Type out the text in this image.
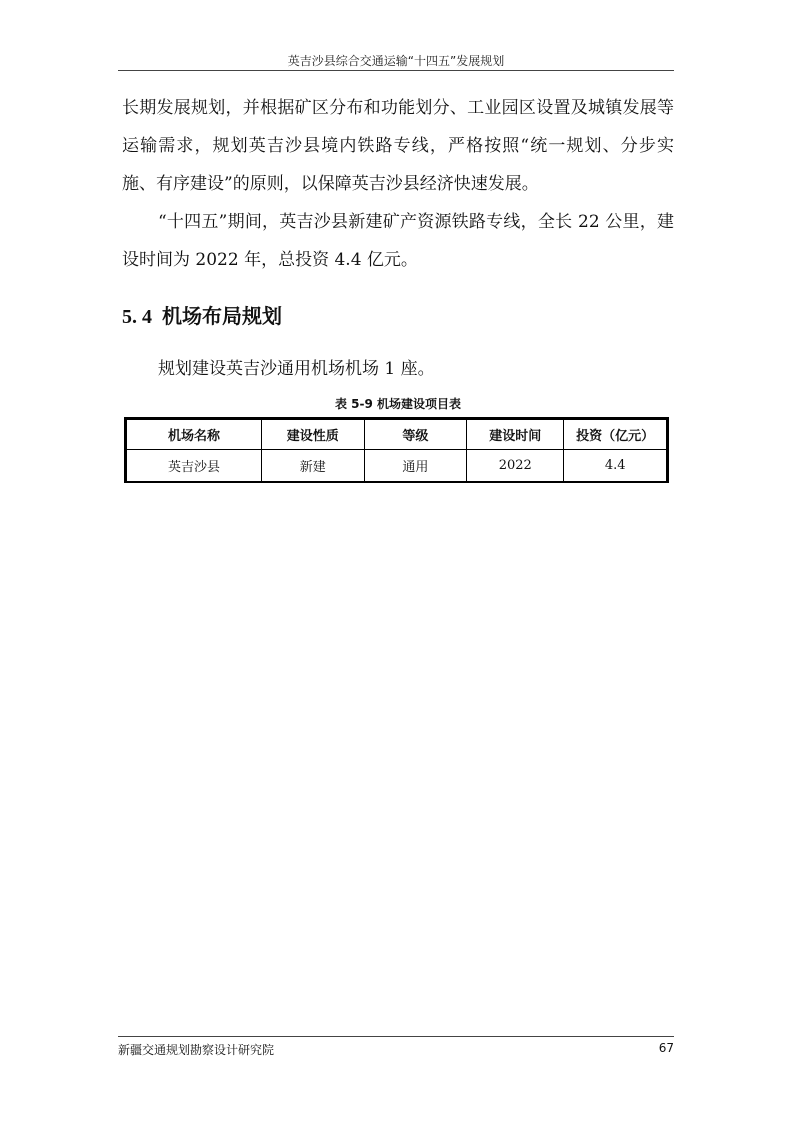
英吉沙县综合交通运输“十四五”发展规划

长期发展规划，并根据矿区分布和功能划分、工业园区设置及城镇发展等运输需求，规划英吉沙县境内铁路专线，严格按照“统一规划、分步实施、有序建设”的原则，以保障英吉沙县经济快速发展。

“十四五”期间，英吉沙县新建矿产资源铁路专线，全长 22 公里，建设时间为 2022 年，总投资 4.4 亿元。

5. 4 机场布局规划

规划建设英吉沙通用机场机场 1 座。

表 5-9 机场建设项目表
机场名称	建设性质	等级	建设时间	投资（亿元）
英吉沙县	新建	通用	2022	4.4
新疆交通规划勘察设计研究院	67
